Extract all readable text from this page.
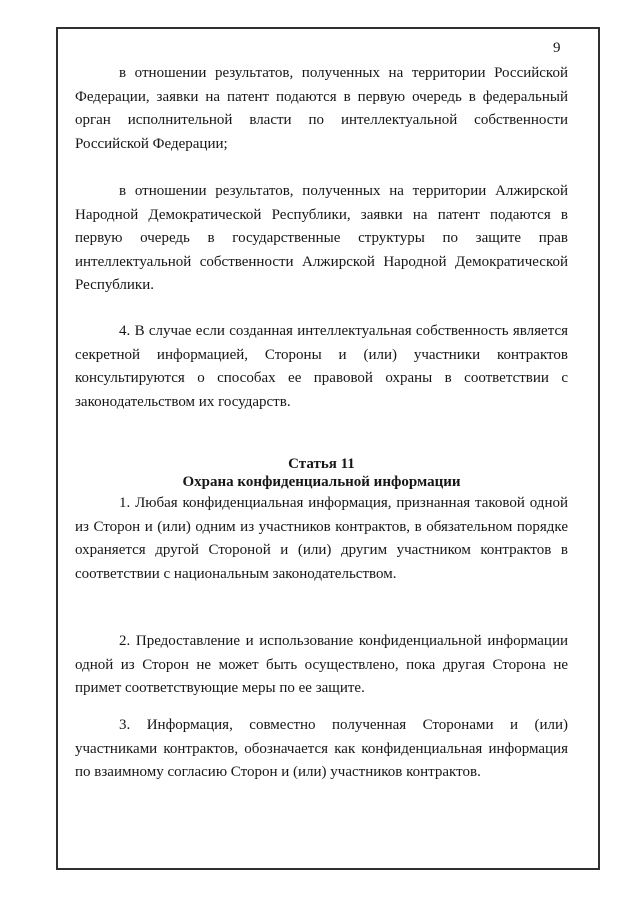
9
в отношении результатов, полученных на территории Российской Федерации, заявки на патент подаются в первую очередь в федеральный орган исполнительной власти по интеллектуальной собственности Российской Федерации;
в отношении результатов, полученных на территории Алжирской Народной Демократической Республики, заявки на патент подаются в первую очередь в государственные структуры по защите прав интеллектуальной собственности Алжирской Народной Демократической Республики.
4. В случае если созданная интеллектуальная собственность является секретной информацией, Стороны и (или) участники контрактов консультируются о способах ее правовой охраны в соответствии с законодательством их государств.
Статья 11
Охрана конфиденциальной информации
1. Любая конфиденциальная информация, признанная таковой одной из Сторон и (или) одним из участников контрактов, в обязательном порядке охраняется другой Стороной и (или) другим участником контрактов в соответствии с национальным законодательством.
2. Предоставление и использование конфиденциальной информации одной из Сторон не может быть осуществлено, пока другая Сторона не примет соответствующие меры по ее защите.
3. Информация, совместно полученная Сторонами и (или) участниками контрактов, обозначается как конфиденциальная информация по взаимному согласию Сторон и (или) участников контрактов.
